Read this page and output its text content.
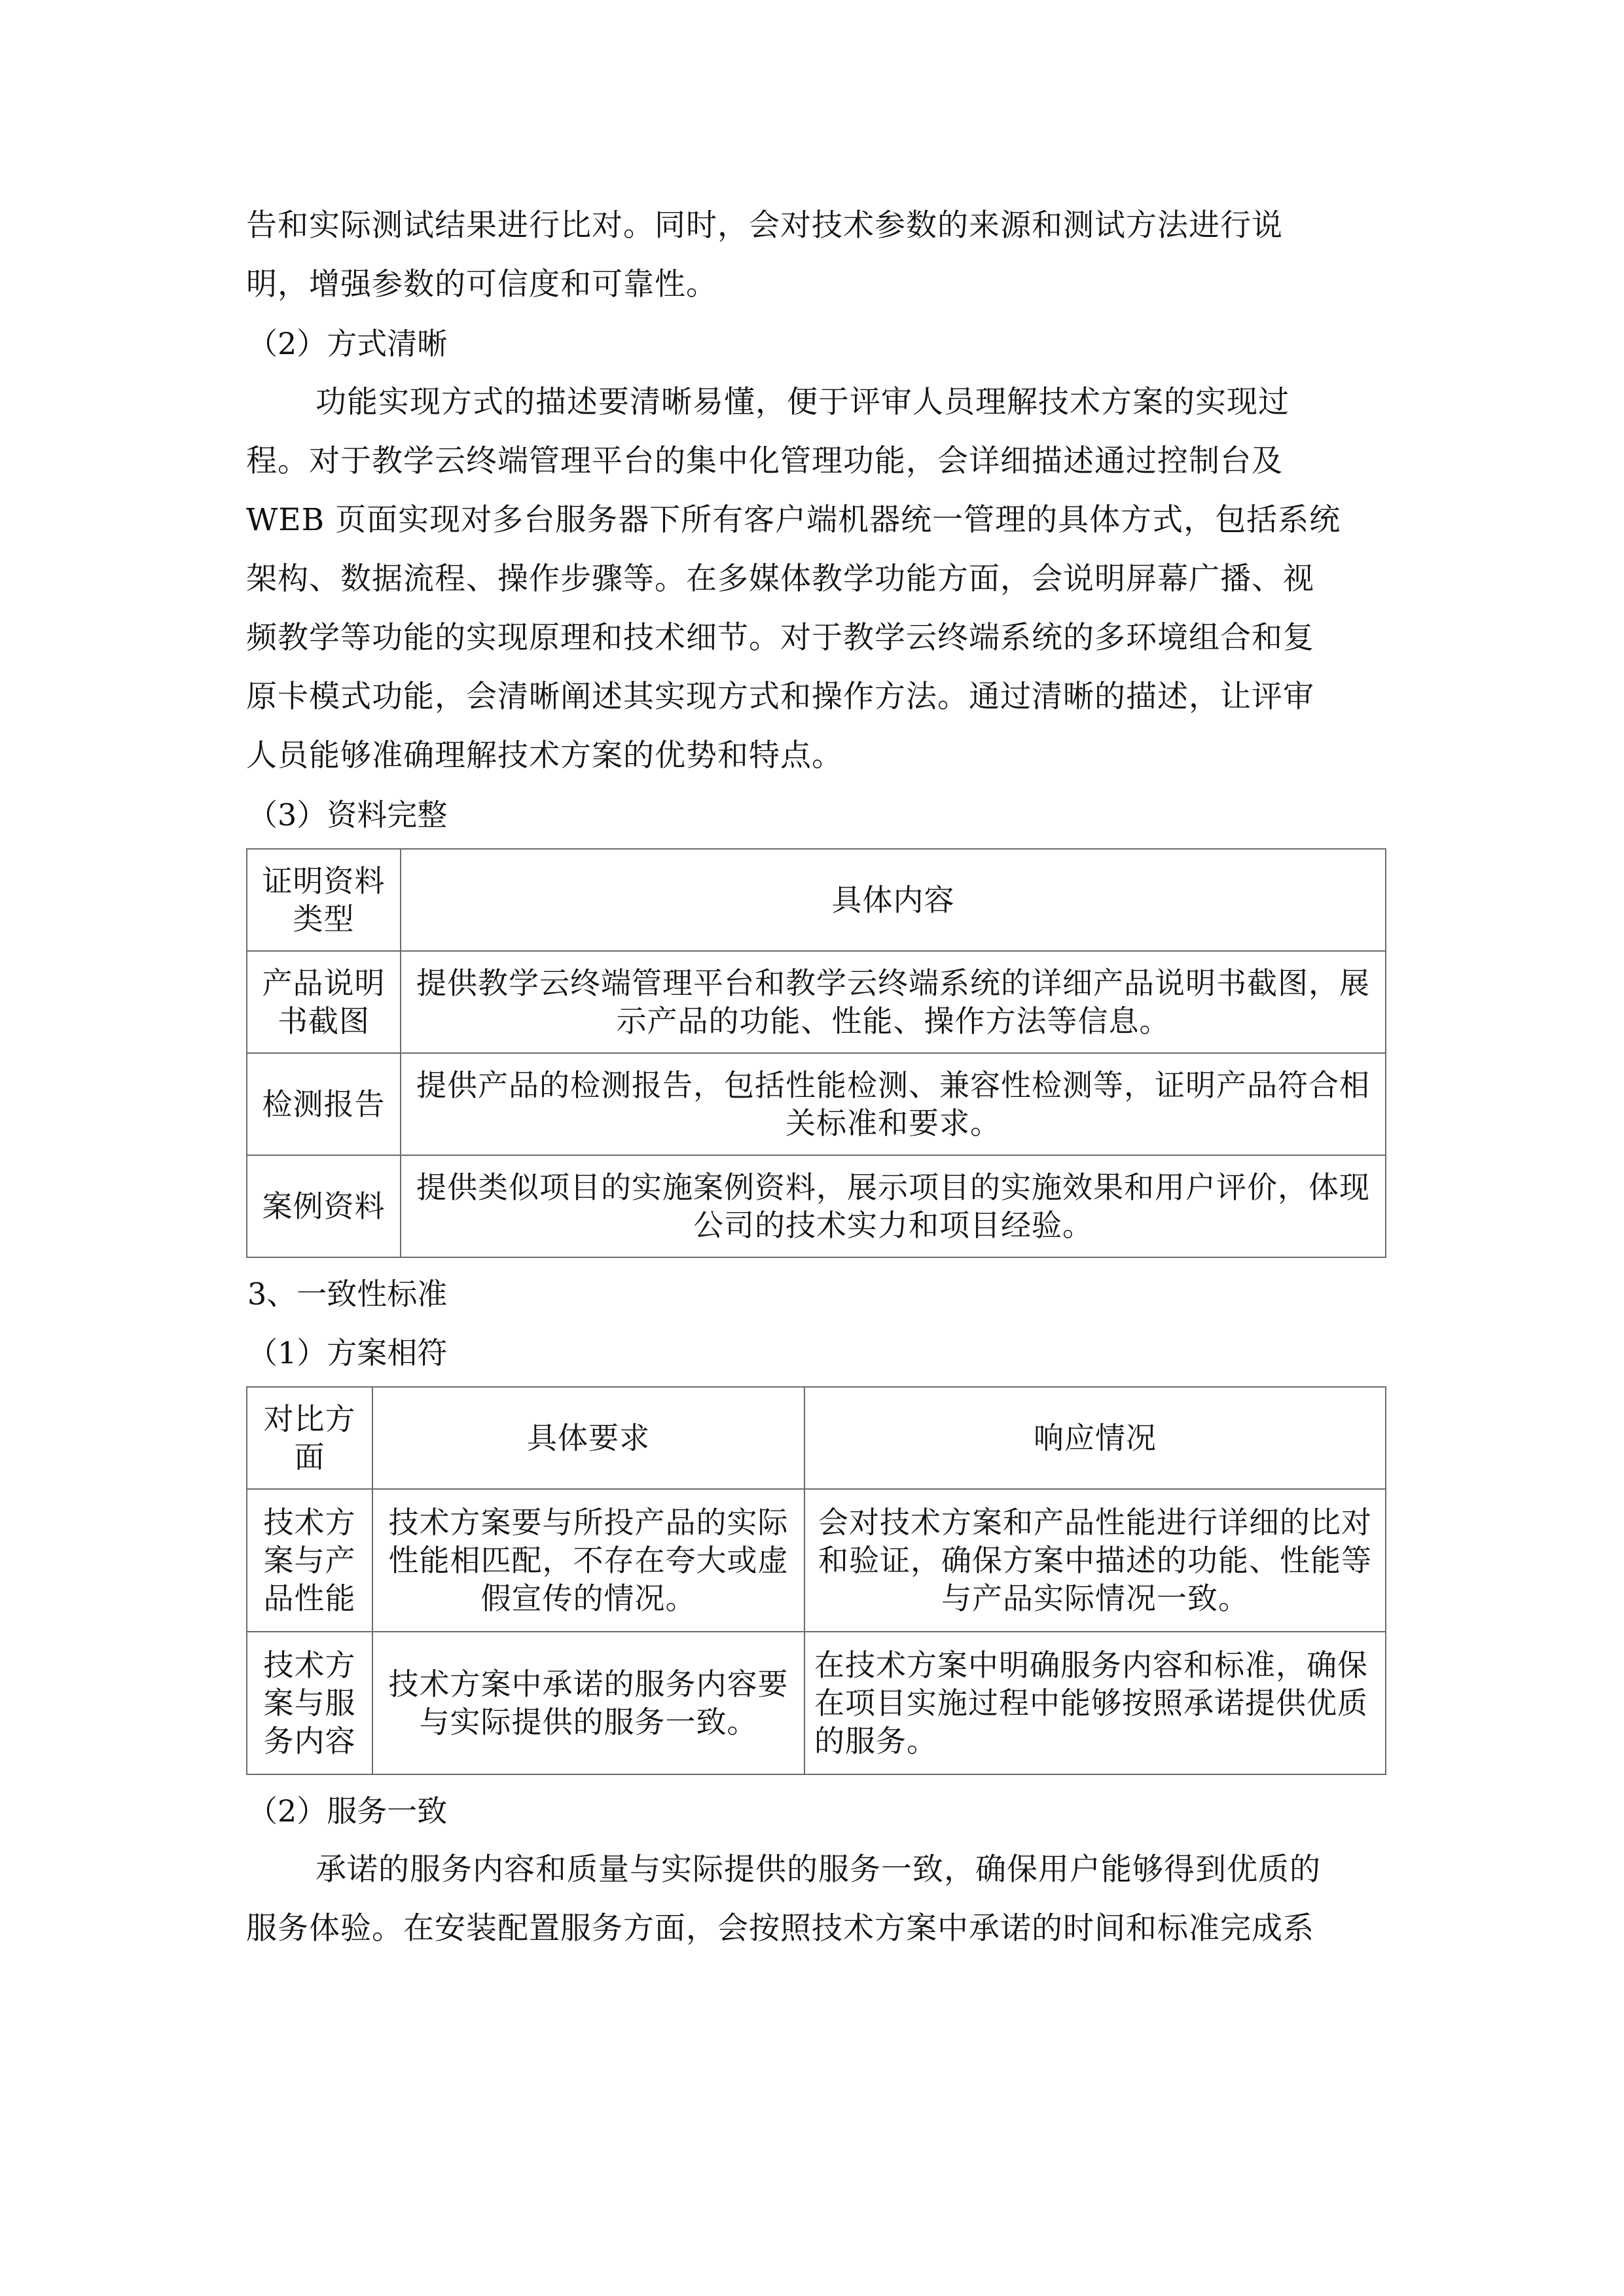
告和实际测试结果进行比对。同时，会对技术参数的来源和测试方法进行说
明，增强参数的可信度和可靠性。
（2）方式清晰
功能实现方式的描述要清晰易懂，便于评审人员理解技术方案的实现过
程。对于教学云终端管理平台的集中化管理功能，会详细描述通过控制台及
WEB 页面实现对多台服务器下所有客户端机器统一管理的具体方式，包括系统
架构、数据流程、操作步骤等。在多媒体教学功能方面，会说明屏幕广播、视
频教学等功能的实现原理和技术细节。对于教学云终端系统的多环境组合和复
原卡模式功能，会清晰阐述其实现方式和操作方法。通过清晰的描述，让评审
人员能够准确理解技术方案的优势和特点。
（3）资料完整
证明资料类型	具体内容
产品说明书截图	提供教学云终端管理平台和教学云终端系统的详细产品说明书截图，展示产品的功能、性能、操作方法等信息。
检测报告	提供产品的检测报告，包括性能检测、兼容性检测等，证明产品符合相关标准和要求。
案例资料	提供类似项目的实施案例资料，展示项目的实施效果和用户评价，体现公司的技术实力和项目经验。
3、一致性标准
（1）方案相符
对比方面	具体要求	响应情况
技术方案与产品性能	技术方案要与所投产品的实际性能相匹配，不存在夸大或虚假宣传的情况。	会对技术方案和产品性能进行详细的比对和验证，确保方案中描述的功能、性能等与产品实际情况一致。
技术方案与服务内容	技术方案中承诺的服务内容要与实际提供的服务一致。	在技术方案中明确服务内容和标准，确保在项目实施过程中能够按照承诺提供优质的服务。
（2）服务一致
承诺的服务内容和质量与实际提供的服务一致，确保用户能够得到优质的
服务体验。在安装配置服务方面，会按照技术方案中承诺的时间和标准完成系
